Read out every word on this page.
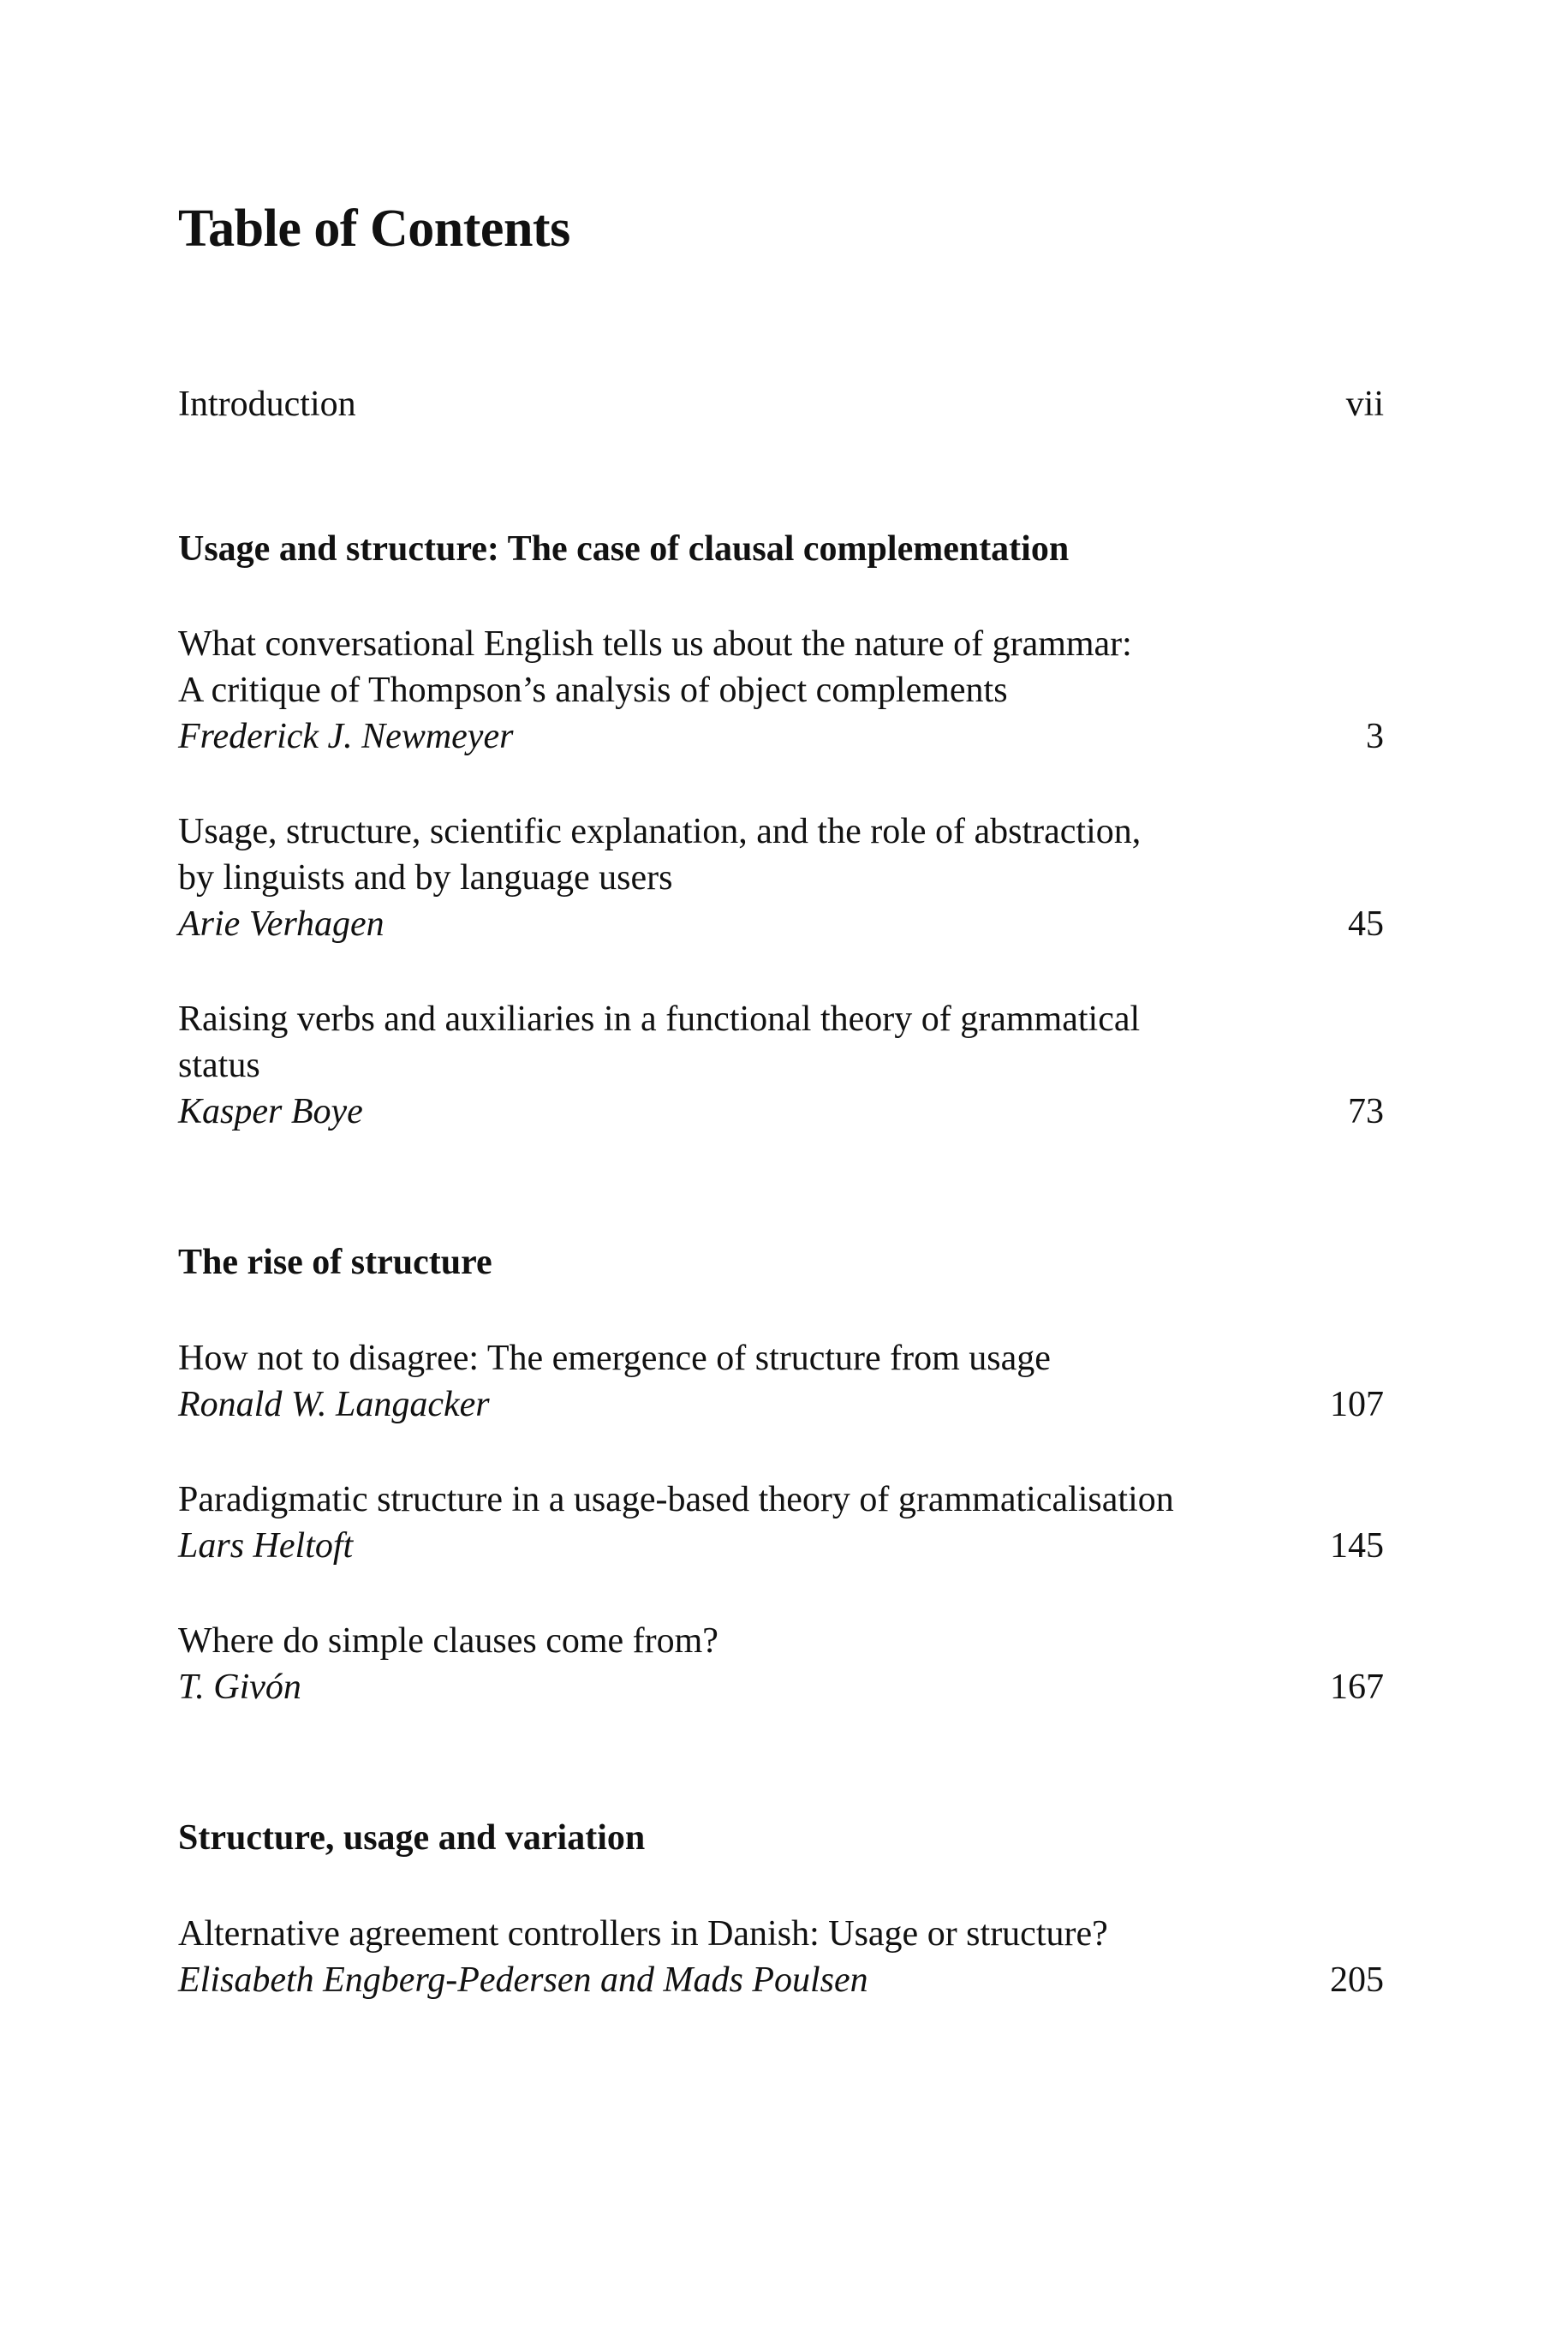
Table of Contents
Introduction	vii
Usage and structure: The case of clausal complementation
What conversational English tells us about the nature of grammar:
A critique of Thompson’s analysis of object complements
Frederick J. Newmeyer	3
Usage, structure, scientific explanation, and the role of abstraction,
by linguists and by language users
Arie Verhagen	45
Raising verbs and auxiliaries in a functional theory of grammatical
status
Kasper Boye	73
The rise of structure
How not to disagree: The emergence of structure from usage
Ronald W. Langacker	107
Paradigmatic structure in a usage-based theory of grammaticalisation
Lars Heltoft	145
Where do simple clauses come from?
T. Givón	167
Structure, usage and variation
Alternative agreement controllers in Danish: Usage or structure?
Elisabeth Engberg-Pedersen and Mads Poulsen	205
